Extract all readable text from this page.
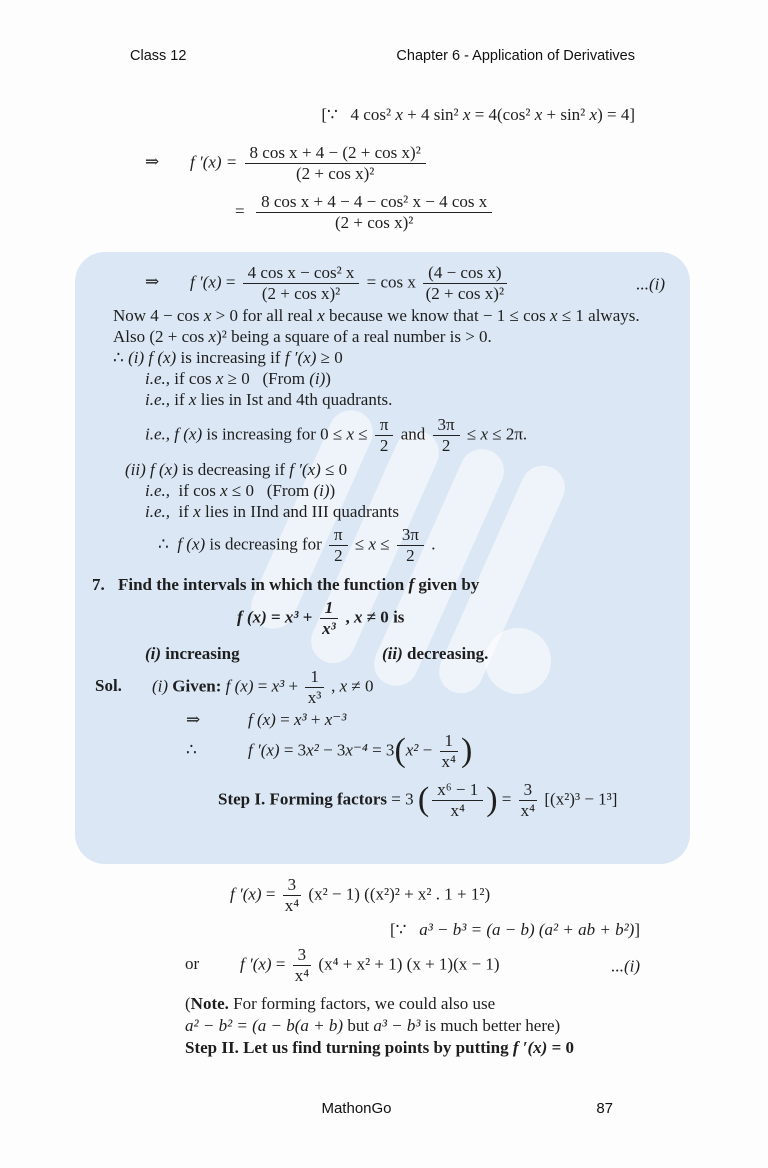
Class 12	Chapter 6 - Application of Derivatives
[∵   4 cos² x + 4 sin² x = 4(cos² x + sin² x) = 4]
⇒ f $'(x) = \frac{\text{8 cos x + 4 − (2 + cos x)²}}{\text{(2 + cos x)²}}$
= $\frac{\text{8 cos x + 4 − 4 − cos² x − 4 cos x}}{\text{(2 + cos x)²}}$
⇒ f $'(x) = \frac{\text{4 cos x − cos² x}}{\text{(2 + cos x)²}} = \cos x \frac{\text{(4 − cos x)}}{\text{(2 + cos x)²}}$	...(i)
Now 4 − cos x > 0 for all real x because we know that − 1 ≤ cos x ≤ 1 always.
Also (2 + cos x)² being a square of a real number is > 0.
∴ (i) f (x) is increasing if f ′(x) ≥ 0
i.e., if cos x ≥ 0   (From (i))
i.e., if x lies in Ist and 4th quadrants.
i.e., f (x) is increasing for $0 \le x \le \frac{\pi}{2}$ and $\frac{3\pi}{2} \le x \le 2\pi$.
(ii) f (x) is decreasing if f ′(x) ≤ 0
i.e.,  if cos x ≤ 0   (From (i))
i.e.,  if x lies in IInd and III quadrants
∴  f (x) is decreasing for $\frac{\pi}{2} \le x \le \frac{3\pi}{2}$ .
7. Find the intervals in which the function f given by
f $(x) = x^3 + \frac{1}{\text{x³}}$ , x ≠ 0 is
(i) increasing	(ii) decreasing.
Sol. (i) Given: f $(x) = x^3 + \frac{1}{\text{x³}}$ , x ≠ 0
⇒	f (x) = x³ + x⁻³
∴	f $'(x) = 3x^2 - 3x^{-4} = 3(x^2 - \frac{1}{\text{x⁴}}$ )
Step I. Forming factors = 3 ( $\frac{\text{x⁶ − 1}}{\text{x⁴}}$ ) = $\frac{3}{\text{x⁴}} [(x^2)^3 - 1^3]$
f $'(x) = \frac{3}{\text{x⁴}} (x^2 - 1) ((x^2)^2 + x^2$ . 1 + 1²)
[∵   a³ − b³ = (a − b) (a² + ab + b²)]
or f $'(x) = \frac{3}{\text{x⁴}} (x^4 + x^2 + 1) (x + 1)(x - 1)$	...(i)
(Note. For forming factors, we could also use
a² − b² = (a − b(a + b) but a³ − b³ is much better here)
Step II. Let us find turning points by putting f ′(x) = 0
MathonGo	87
